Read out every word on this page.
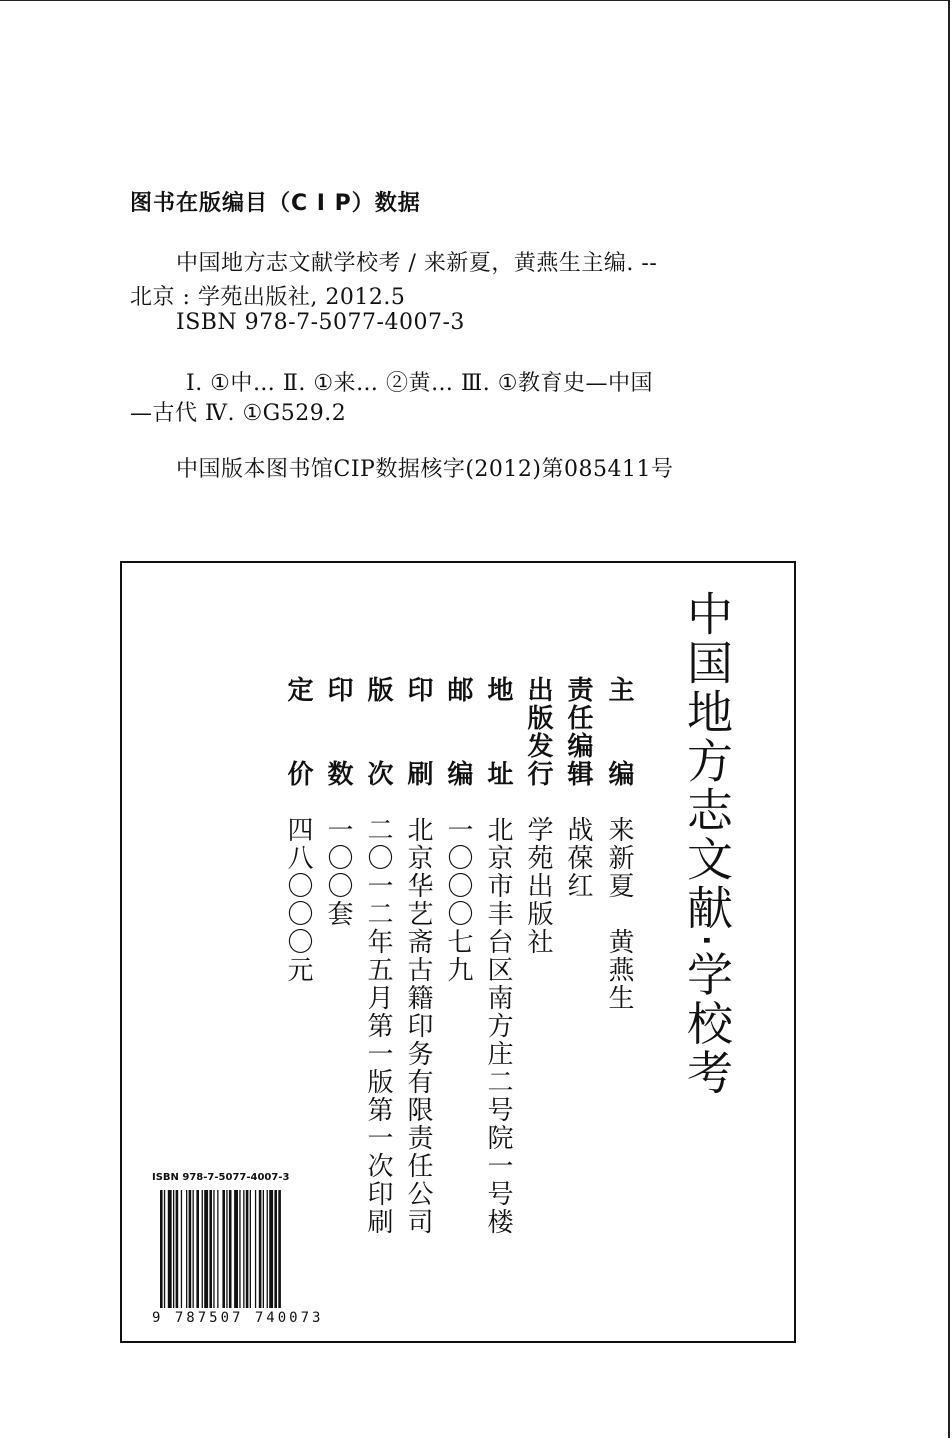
图书在版编目（C I P）数据
中国地方志文献学校考 / 来新夏，黄燕生主编. --
北京 : 学苑出版社, 2012.5
ISBN 978-7-5077-4007-3
Ⅰ. ①中… Ⅱ. ①来… ②黄… Ⅲ. ①教育史—中国
—古代 Ⅳ. ①G529.2
中国版本图书馆CIP数据核字(2012)第085411号
中国地方志文献·学校考
主　编
来新夏　黄燕生
责任编辑
战葆红
出版发行
学苑出版社
地　址
北京市丰台区南方庄二号院一号楼
邮　编
一〇〇〇七九
印　刷
北京华艺斋古籍印务有限责任公司
版　次
二〇一二年五月第一版第一次印刷
印　数
一〇〇套
定　价
四八〇〇〇元
ISBN 978-7-5077-4007-3
9 787507 740073
